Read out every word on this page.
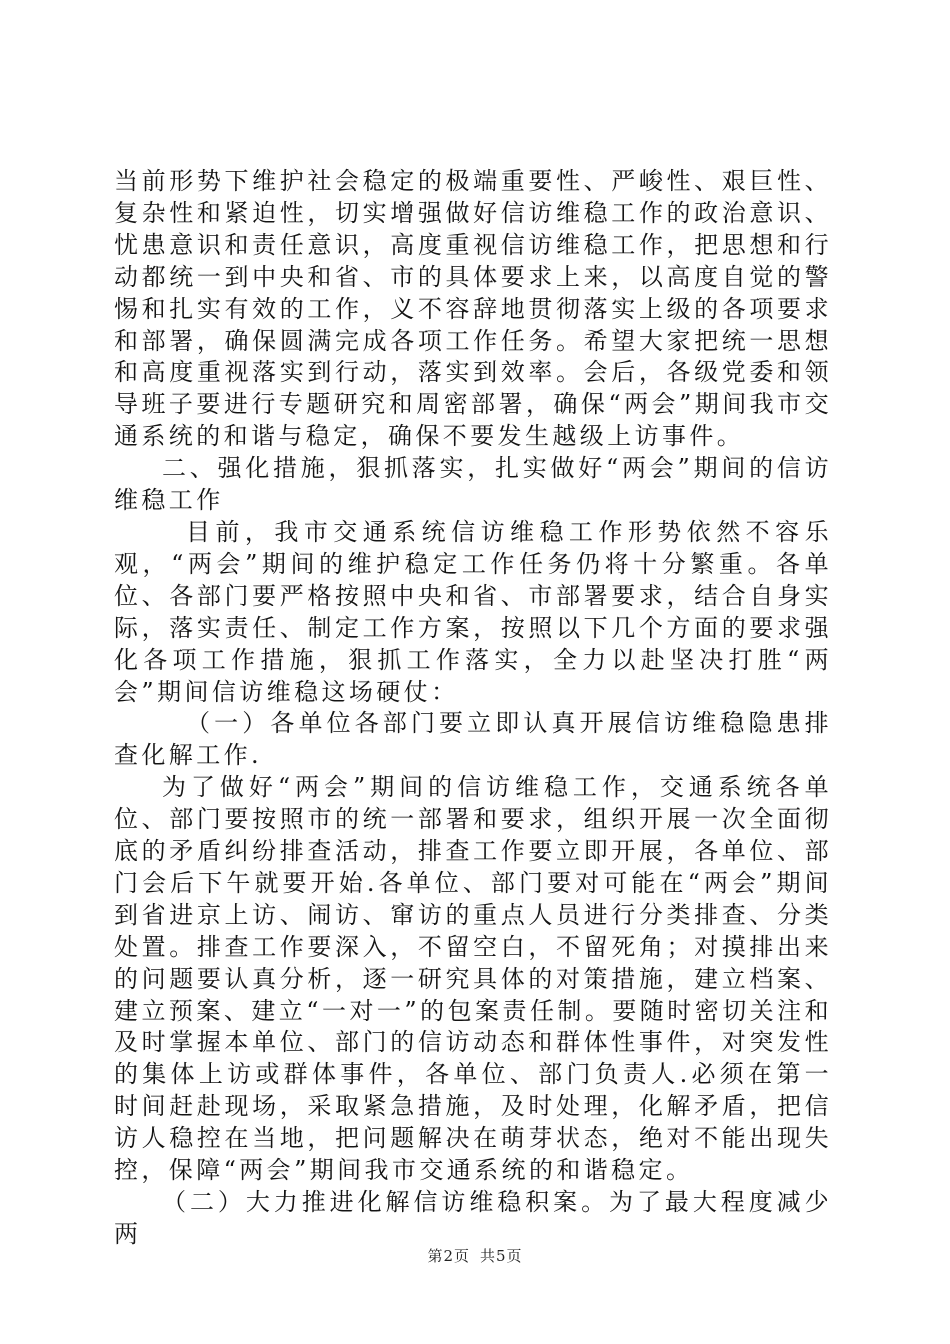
当前形势下维护社会稳定的极端重要性、严峻性、艰巨性、复杂性和紧迫性，切实增强做好信访维稳工作的政治意识、忧患意识和责任意识，高度重视信访维稳工作，把思想和行动都统一到中央和省、市的具体要求上来，以高度自觉的警惕和扎实有效的工作，义不容辞地贯彻落实上级的各项要求和部署，确保圆满完成各项工作任务。希望大家把统一思想和高度重视落实到行动，落实到效率。会后，各级党委和领导班子要进行专题研究和周密部署，确保“两会”期间我市交通系统的和谐与稳定，确保不要发生越级上访事件。

二、强化措施，狠抓落实，扎实做好“两会”期间的信访维稳工作

目前，我市交通系统信访维稳工作形势依然不容乐观，“两会”期间的维护稳定工作任务仍将十分繁重。各单位、各部门要严格按照中央和省、市部署要求，结合自身实际，落实责任、制定工作方案，按照以下几个方面的要求强化各项工作措施，狠抓工作落实，全力以赴坚决打胜“两会”期间信访维稳这场硬仗：

（一）各单位各部门要立即认真开展信访维稳隐患排查化解工作.

为了做好“两会”期间的信访维稳工作，交通系统各单位、部门要按照市的统一部署和要求，组织开展一次全面彻底的矛盾纠纷排查活动，排查工作要立即开展，各单位、部门会后下午就要开始.各单位、部门要对可能在“两会”期间到省进京上访、闹访、窜访的重点人员进行分类排查、分类处置。排查工作要深入，不留空白，不留死角；对摸排出来的问题要认真分析，逐一研究具体的对策措施，建立档案、建立预案、建立“一对一”的包案责任制。要随时密切关注和及时掌握本单位、部门的信访动态和群体性事件，对突发性的集体上访或群体事件，各单位、部门负责人.必须在第一时间赶赴现场，采取紧急措施，及时处理，化解矛盾，把信访人稳控在当地，把问题解决在萌芽状态，绝对不能出现失控，保障“两会”期间我市交通系统的和谐稳定。

（二）大力推进化解信访维稳积案。为了最大程度减少两

第2页 共5页
